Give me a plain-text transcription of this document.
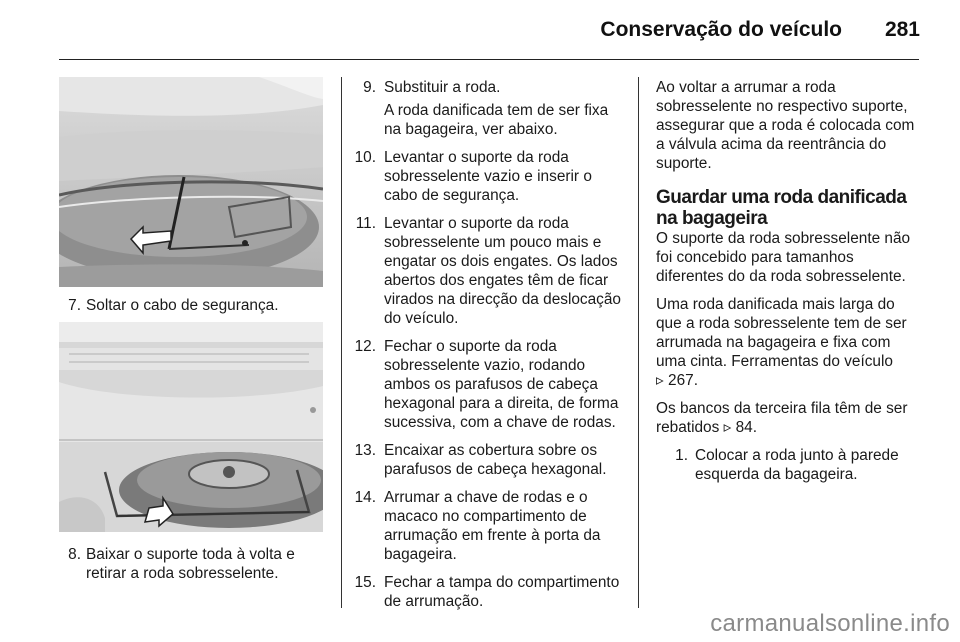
Conservação do veículo 281
7. Soltar o cabo de segurança.

8. Baixar o suporte toda à volta e retirar a roda sobresselente.

9. Substituir a roda.

A roda danificada tem de ser fixa na bagageira, ver abaixo.

10. Levantar o suporte da roda sobresselente vazio e inserir o cabo de segurança.

11. Levantar o suporte da roda sobresselente um pouco mais e engatar os dois engates. Os lados abertos dos engates têm de ficar virados na direcção da deslocação do veículo.

12. Fechar o suporte da roda sobresselente vazio, rodando ambos os parafusos de cabeça hexagonal para a direita, de forma sucessiva, com a chave de rodas.

13. Encaixar as cobertura sobre os parafusos de cabeça hexagonal.

14. Arrumar a chave de rodas e o macaco no compartimento de arrumação em frente à porta da bagageira.

15. Fechar a tampa do compartimento de arrumação.

Ao voltar a arrumar a roda sobresselente no respectivo suporte, assegurar que a roda é colocada com a válvula acima da reentrância do suporte.

Guardar uma roda danificada na bagageira

O suporte da roda sobresselente não foi concebido para tamanhos diferentes do da roda sobresselente.

Uma roda danificada mais larga do que a roda sobresselente tem de ser arrumada na bagageira e fixa com uma cinta. Ferramentas do veículo
▹ 267.

Os bancos da terceira fila têm de ser rebatidos ▹ 84.

1. Colocar a roda junto à parede esquerda da bagageira.

carmanualsonline.info
